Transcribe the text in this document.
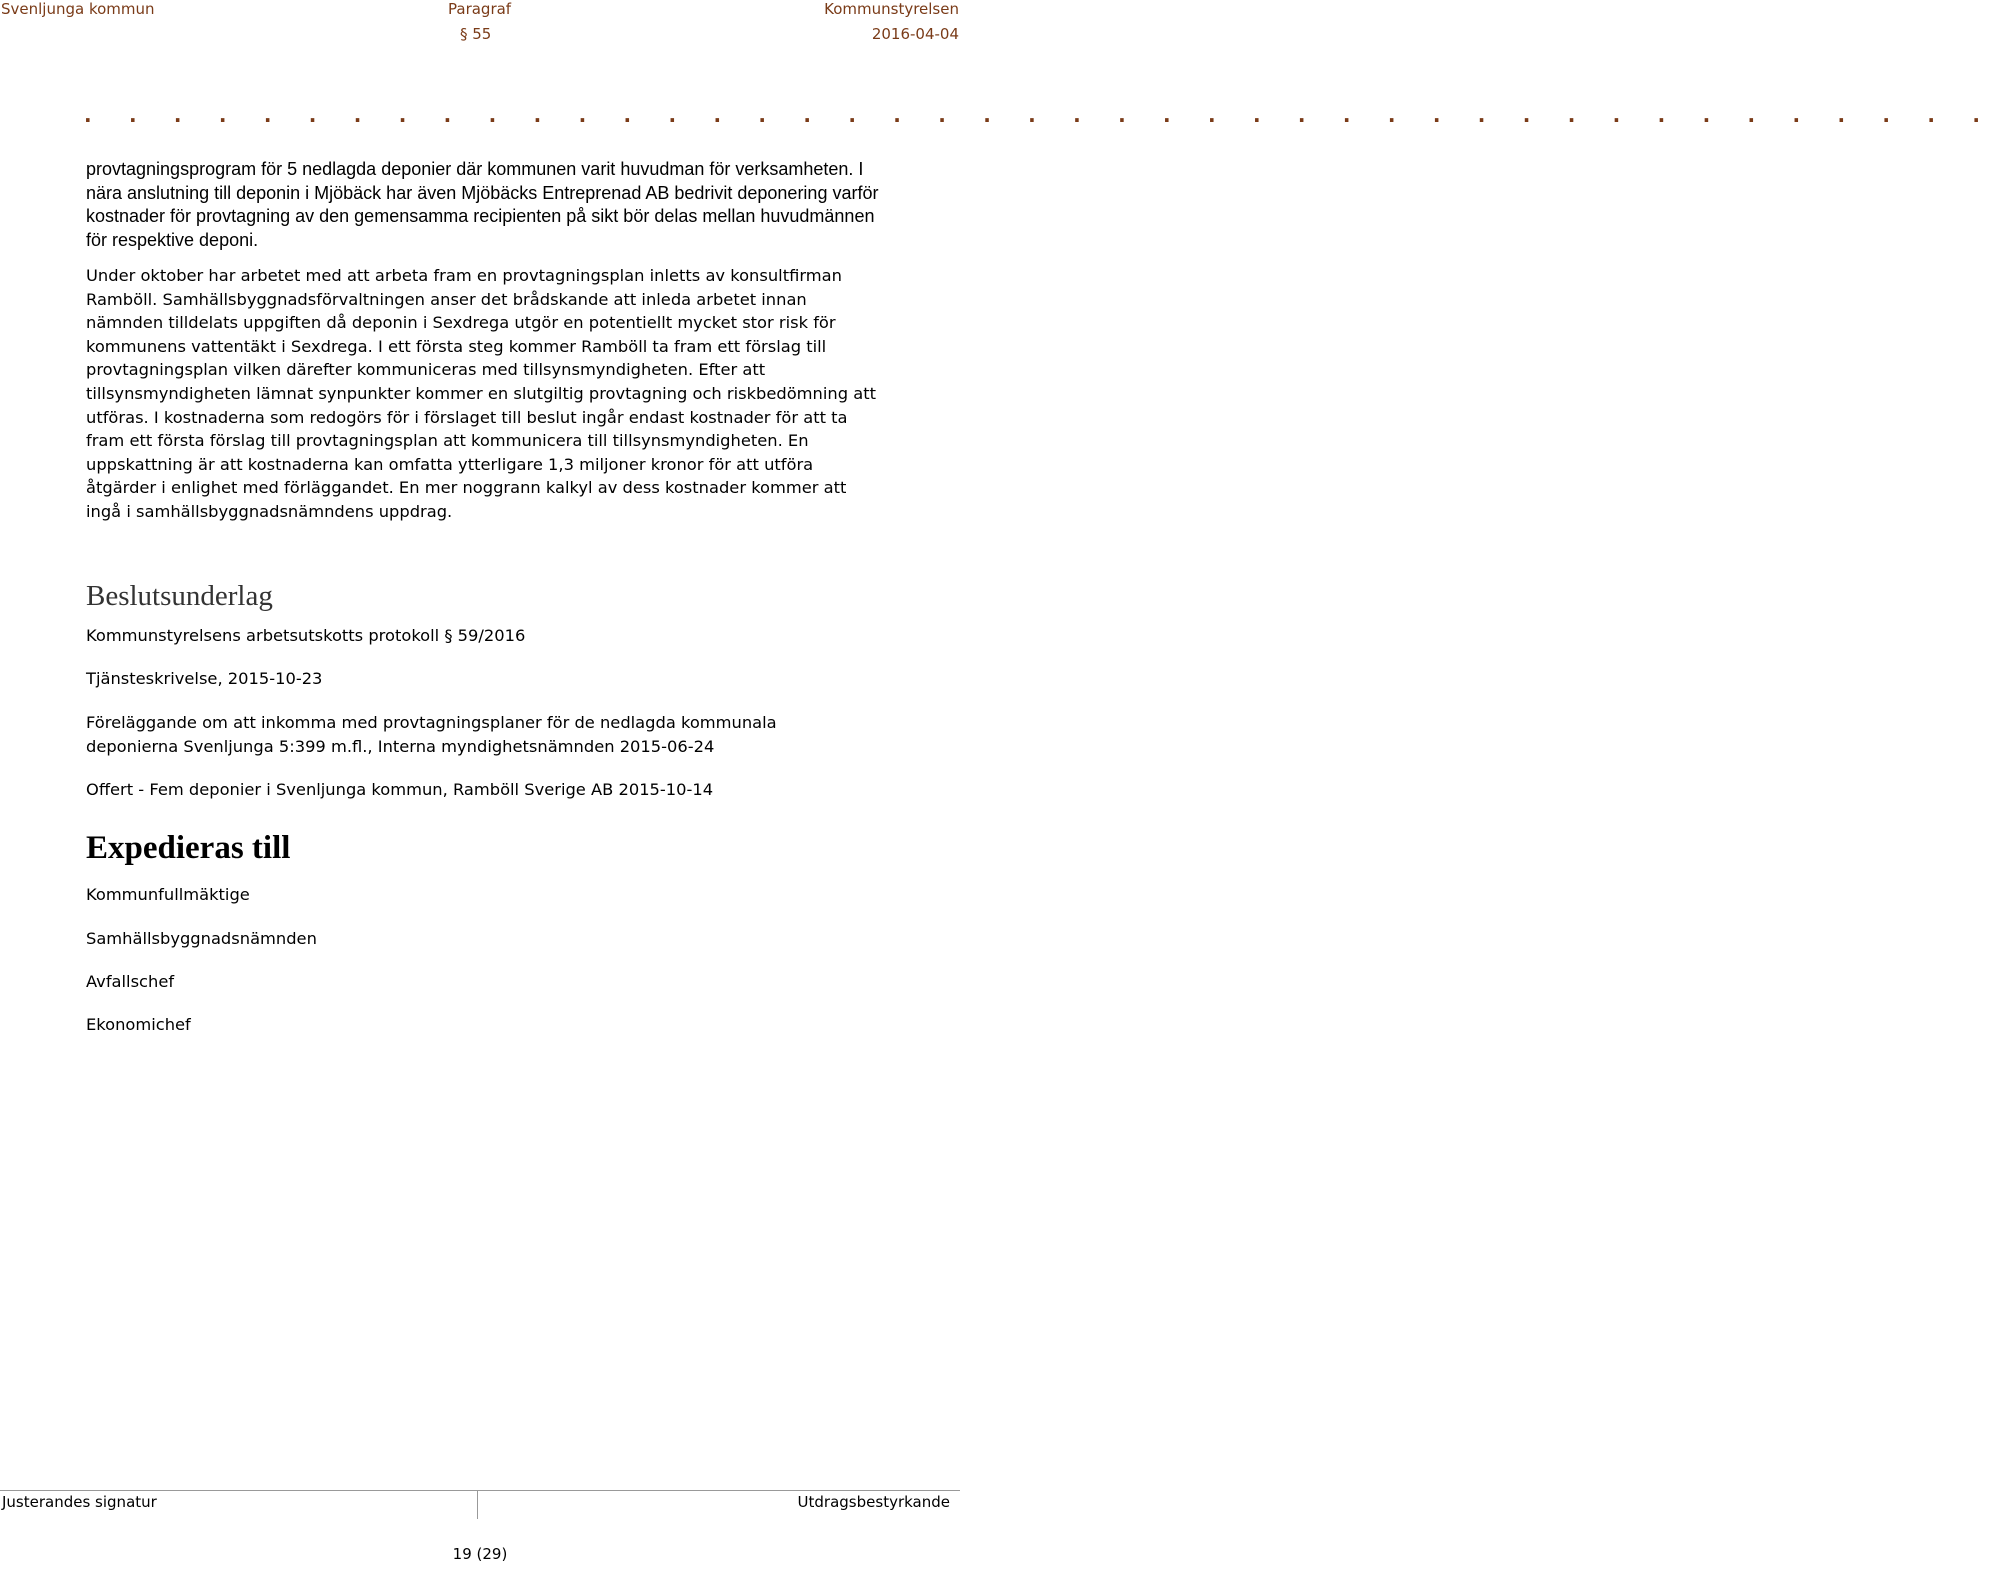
Svenljunga kommun	Paragraf	Kommunstyrelsen
§ 55	2016-04-04
. . . . . . . . . . . . . . . . . . . . . . . . . . . . . . . . . . . . . . . . . . .

provtagningsprogram för 5 nedlagda deponier där kommunen varit huvudman för verksamheten. I nära anslutning till deponin i Mjöbäck har även Mjöbäcks Entreprenad AB bedrivit deponering varför kostnader för provtagning av den gemensamma recipienten på sikt bör delas mellan huvudmännen för respektive deponi.

Under oktober har arbetet med att arbeta fram en provtagningsplan inletts av konsultfirman Ramböll. Samhällsbyggnadsförvaltningen anser det brådskande att inleda arbetet innan nämnden tilldelats uppgiften då deponin i Sexdrega utgör en potentiellt mycket stor risk för kommunens vattentäkt i Sexdrega. I ett första steg kommer Ramböll ta fram ett förslag till provtagningsplan vilken därefter kommuniceras med tillsynsmyndigheten. Efter att tillsynsmyndigheten lämnat synpunkter kommer en slutgiltig provtagning och riskbedömning att utföras. I kostnaderna som redogörs för i förslaget till beslut ingår endast kostnader för att ta fram ett första förslag till provtagningsplan att kommunicera till tillsynsmyndigheten. En uppskattning är att kostnaderna kan omfatta ytterligare 1,3 miljoner kronor för att utföra åtgärder i enlighet med förläggandet. En mer noggrann kalkyl av dess kostnader kommer att ingå i samhällsbyggnadsnämndens uppdrag.

Beslutsunderlag

Kommunstyrelsens arbetsutskotts protokoll § 59/2016

Tjänsteskrivelse, 2015-10-23

Föreläggande om att inkomma med provtagningsplaner för de nedlagda kommunala deponierna Svenljunga 5:399 m.fl., Interna myndighetsnämnden 2015-06-24

Offert - Fem deponier i Svenljunga kommun, Ramböll Sverige AB 2015-10-14

Expedieras till

Kommunfullmäktige

Samhällsbyggnadsnämnden

Avfallschef

Ekonomichef

Justerandes signatur	Utdragsbestyrkande
19 (29)
